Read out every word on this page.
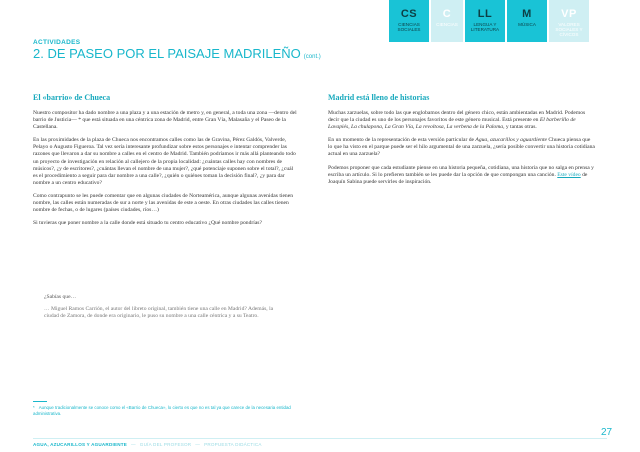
CS
CIENCIAS SOCIALES
C
CIENCIAS
LL
LENGUA Y LITERATURA
M
MÚSICA
VP
VALORES SOCIALES Y CÍVICOS
ACTIVIDADES
2. DE PASEO POR EL PAISAJE MADRILEÑO (cont.)
El «barrio» de Chueca

Nuestro compositor ha dado nombre a una plaza y a una estación de metro y, en general, a toda una zona —dentro del barrio de Justicia— * que está situada en una céntrica zona de Madrid, entre Gran Vía, Malasaña y el Paseo de la Castellana.

En las proximidades de la plaza de Chueca nos encontramos calles como las de Gravina, Pérez Galdós, Valverde, Pelayo o Augusto Figueroa. Tal vez sería interesante profundizar sobre estos personajes e intentar comprender las razones que llevaron a dar su nombre a calles en el centro de Madrid. También podríamos ir más allá planteando todo un proyecto de investigación en relación al callejero de la propia localidad: ¿cuántas calles hay con nombres de músicos?, ¿y de escritores?, ¿cuántas llevan el nombre de una mujer?, ¿qué potenciaje suponen sobre el total?, ¿cuál es el procedimiento a seguir para dar nombre a una calle?, ¿quién o quiénes toman la decisión final?, ¿y para dar nombre a un centro educativo?

Como contrapunto se les puede comentar que en algunas ciudades de Norteamérica, aunque algunas avenidas tienen nombre, las calles están numeradas de sur a norte y las avenidas de este a oeste. En otras ciudades las calles tienen nombre de fechas, o de lugares (países ciudades, ríos…)

Si tuvieras que poner nombre a la calle donde está situado tu centro educativo ¿Qué nombre pondrías?

¿Sabías que…

… Miguel Ramos Carrión, el autor del libreto original, también tiene una calle en Madrid? Además, la ciudad de Zamora, de donde era originario, le puso su nombre a una calle céntrica y a su Teatro.

Madrid está lleno de historias

Muchas zarzuelas, sobre todo las que englobamos dentro del género chico, están ambientadas en Madrid. Podemos decir que la ciudad es uno de los personajes favoritos de este género musical. Está presente en El barberillo de Lavapiés, La chulapona, La Gran Vía, La revoltosa, La verbena de la Paloma, y tantas otras.

En un momento de la representación de esta versión particular de Agua, azucarillos y aguardiente Chueca piensa que lo que ha visto en el parque puede ser el hilo argumental de una zarzuela, ¿sería posible convertir una historia cotidiana actual en una zarzuela?

Podemos proponer que cada estudiante piense en una historia pequeña, cotidiana, una historia que no salga en prensa y escriba un artículo. Si lo prefieren también se les puede dar la opción de que compongan una canción. Este vídeo de Joaquín Sabina puede servirles de inspiración.

* Aunque tradicionalmente se conoce como el «Barrio de Chueca», lo cierto es que no es tal ya que carece de la necesaria entidad administrativa.
AGUA, AZUCARILLOS Y AGUARDIENTE — GUÍA DEL PROFESOR — PROPUESTA DIDÁCTICA
27
